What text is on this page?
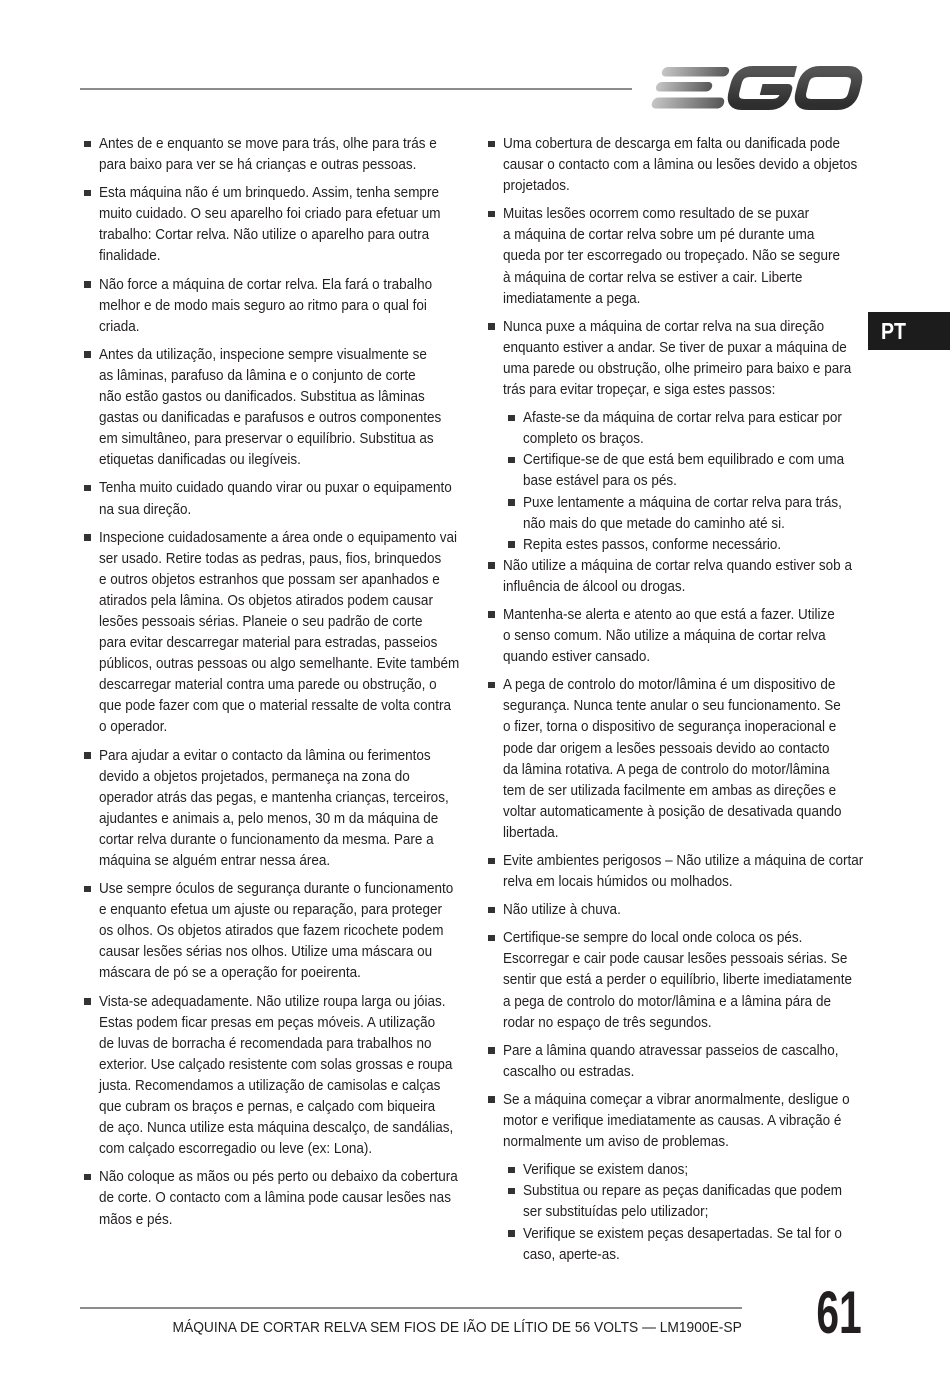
PT
Antes de e enquanto se move para trás, olhe para trás e
para baixo para ver se há crianças e outras pessoas.
Esta máquina não é um brinquedo. Assim, tenha sempre
muito cuidado. O seu aparelho foi criado para efetuar um
trabalho: Cortar relva. Não utilize o aparelho para outra
finalidade.
Não force a máquina de cortar relva. Ela fará o trabalho
melhor e de modo mais seguro ao ritmo para o qual foi
criada.
Antes da utilização, inspecione sempre visualmente se
as lâminas, parafuso da lâmina e o conjunto de corte
não estão gastos ou danificados. Substitua as lâminas
gastas ou danificadas e parafusos e outros componentes
em simultâneo, para preservar o equilíbrio. Substitua as
etiquetas danificadas ou ilegíveis.
Tenha muito cuidado quando virar ou puxar o equipamento
na sua direção.
Inspecione cuidadosamente a área onde o equipamento vai
ser usado. Retire todas as pedras, paus, fios, brinquedos
e outros objetos estranhos que possam ser apanhados e
atirados pela lâmina. Os objetos atirados podem causar
lesões pessoais sérias. Planeie o seu padrão de corte
para evitar descarregar material para estradas, passeios
públicos, outras pessoas ou algo semelhante. Evite também
descarregar material contra uma parede ou obstrução, o
que pode fazer com que o material ressalte de volta contra
o operador.
Para ajudar a evitar o contacto da lâmina ou ferimentos
devido a objetos projetados, permaneça na zona do
operador atrás das pegas, e mantenha crianças, terceiros,
ajudantes e animais a, pelo menos, 30 m da máquina de
cortar relva durante o funcionamento da mesma. Pare a
máquina se alguém entrar nessa área.
Use sempre óculos de segurança durante o funcionamento
e enquanto efetua um ajuste ou reparação, para proteger
os olhos. Os objetos atirados que fazem ricochete podem
causar lesões sérias nos olhos. Utilize uma máscara ou
máscara de pó se a operação for poeirenta.
Vista-se adequadamente. Não utilize roupa larga ou jóias.
Estas podem ficar presas em peças móveis. A utilização
de luvas de borracha é recomendada para trabalhos no
exterior. Use calçado resistente com solas grossas e roupa
justa. Recomendamos a utilização de camisolas e calças
que cubram os braços e pernas, e calçado com biqueira
de aço. Nunca utilize esta máquina descalço, de sandálias,
com calçado escorregadio ou leve (ex: Lona).
Não coloque as mãos ou pés perto ou debaixo da cobertura
de corte. O contacto com a lâmina pode causar lesões nas
mãos e pés.
Uma cobertura de descarga em falta ou danificada pode
causar o contacto com a lâmina ou lesões devido a objetos
projetados.
Muitas lesões ocorrem como resultado de se puxar
a máquina de cortar relva sobre um pé durante uma
queda por ter escorregado ou tropeçado. Não se segure
à máquina de cortar relva se estiver a cair. Liberte
imediatamente a pega.
Nunca puxe a máquina de cortar relva na sua direção
enquanto estiver a andar. Se tiver de puxar a máquina de
uma parede ou obstrução, olhe primeiro para baixo e para
trás para evitar tropeçar, e siga estes passos:
Afaste-se da máquina de cortar relva para esticar por
completo os braços.
Certifique-se de que está bem equilibrado e com uma
base estável para os pés.
Puxe lentamente a máquina de cortar relva para trás,
não mais do que metade do caminho até si.
Repita estes passos, conforme necessário.
Não utilize a máquina de cortar relva quando estiver sob a
influência de álcool ou drogas.
Mantenha-se alerta e atento ao que está a fazer. Utilize
o senso comum. Não utilize a máquina de cortar relva
quando estiver cansado.
A pega de controlo do motor/lâmina é um dispositivo de
segurança. Nunca tente anular o seu funcionamento. Se
o fizer, torna o dispositivo de segurança inoperacional e
pode dar origem a lesões pessoais devido ao contacto
da lâmina rotativa. A pega de controlo do motor/lâmina
tem de ser utilizada facilmente em ambas as direções e
voltar automaticamente à posição de desativada quando
libertada.
Evite ambientes perigosos – Não utilize a máquina de cortar
relva em locais húmidos ou molhados.
Não utilize à chuva.
Certifique-se sempre do local onde coloca os pés.
Escorregar e cair pode causar lesões pessoais sérias. Se
sentir que está a perder o equilíbrio, liberte imediatamente
a pega de controlo do motor/lâmina e a lâmina pára de
rodar no espaço de três segundos.
Pare a lâmina quando atravessar passeios de cascalho,
cascalho ou estradas.
Se a máquina começar a vibrar anormalmente, desligue o
motor e verifique imediatamente as causas. A vibração é
normalmente um aviso de problemas.
Verifique se existem danos;
Substitua ou repare as peças danificadas que podem
ser substituídas pelo utilizador;
Verifique se existem peças desapertadas. Se tal for o
caso, aperte-as.
MÁQUINA DE CORTAR RELVA SEM FIOS DE IÃO DE LÍTIO DE 56 VOLTS — LM1900E-SP 61
